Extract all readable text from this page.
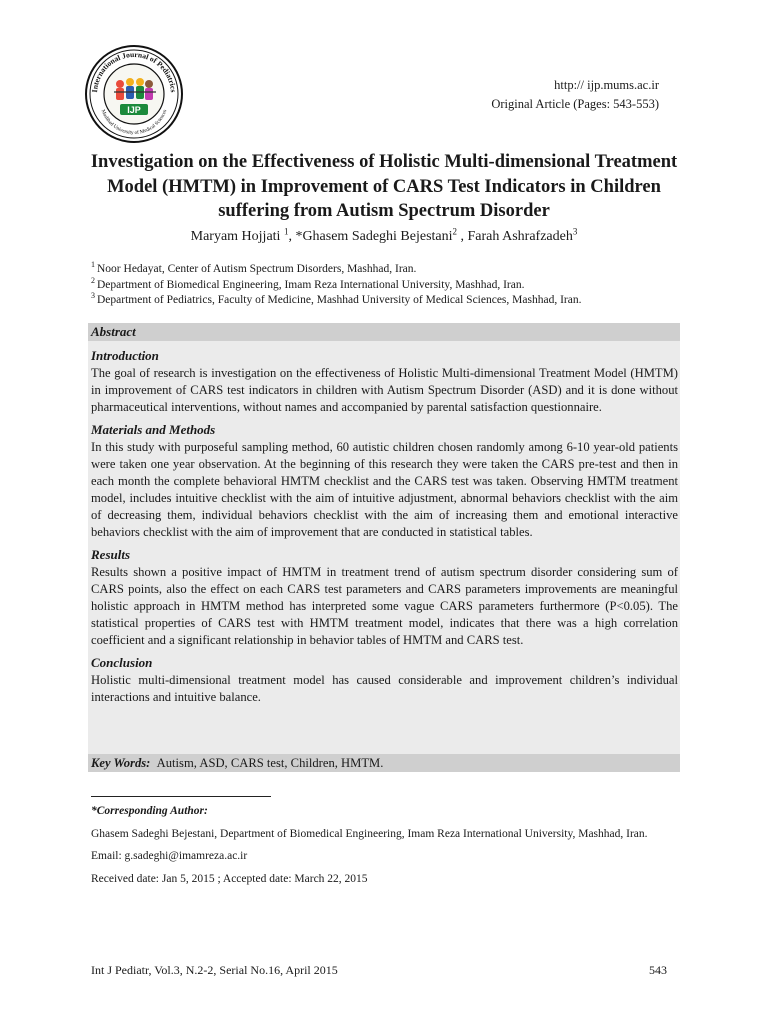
International Journal of Pediatrics
Mashhad University of Medical Sciences
IJP
http:// ijp.mums.ac.ir
Original Article (Pages: 543-553)
Investigation on the Effectiveness of Holistic Multi-dimensional Treatment Model (HMTM) in Improvement of CARS Test Indicators in Children suffering from Autism Spectrum Disorder
Maryam Hojjati $^1$, *Ghasem Sadeghi Bejestani$^2$ , Farah Ashrafzadeh$^3$
$^1$ Noor Hedayat, Center of Autism Spectrum Disorders, Mashhad, Iran.
$^2$ Department of Biomedical Engineering, Imam Reza International University, Mashhad, Iran.
$^3$ Department of Pediatrics, Faculty of Medicine, Mashhad University of Medical Sciences, Mashhad, Iran.
Abstract
Introduction

The goal of research is investigation on the effectiveness of Holistic Multi-dimensional Treatment Model (HMTM) in improvement of CARS test indicators in children with Autism Spectrum Disorder (ASD) and it is done without pharmaceutical interventions, without names and accompanied by parental satisfaction questionnaire.

Materials and Methods

In this study with purposeful sampling method, 60 autistic children chosen randomly among 6-10 year-old patients were taken one year observation. At the beginning of this research they were taken the CARS pre-test and then in each month the complete behavioral HMTM checklist and the CARS test was taken. Observing HMTM treatment model, includes intuitive checklist with the aim of intuitive adjustment, abnormal behaviors checklist with the aim of decreasing them, individual behaviors checklist with the aim of increasing them and emotional interactive behaviors checklist with the aim of improvement that are conducted in statistical tables.

Results

Results shown a positive impact of HMTM in treatment trend of autism spectrum disorder considering sum of CARS points, also the effect on each CARS test parameters and CARS parameters improvements are meaningful holistic approach in HMTM method has interpreted some vague CARS parameters furthermore (P<0.05). The statistical properties of CARS test with HMTM treatment model, indicates that there was a high correlation coefficient and a significant relationship in behavior tables of HMTM and CARS test.

Conclusion

Holistic multi-dimensional treatment model has caused considerable and improvement children’s individual interactions and intuitive balance.

Key Words: Autism, ASD, CARS test, Children, HMTM.

*Corresponding Author:

Ghasem Sadeghi Bejestani, Department of Biomedical Engineering, Imam Reza International University, Mashhad, Iran.

Email: g.sadeghi@imamreza.ac.ir

Received date: Jan 5, 2015 ; Accepted date: March 22, 2015

Int J Pediatr, Vol.3, N.2-2, Serial No.16, April 2015	543
